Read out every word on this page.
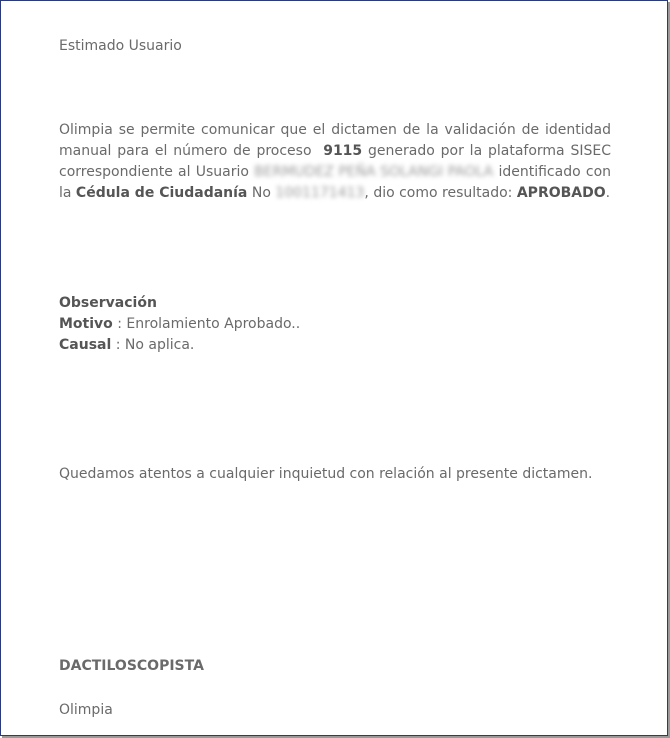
Estimado Usuario

Olimpia se permite comunicar que el dictamen de la validación de identidad manual para el número de proceso 9115 generado por la plataforma SISEC correspondiente al Usuario BERMUDEZ PEÑA SOLANGI PAOLA identificado con la Cédula de Ciudadanía No 1001171413, dio como resultado: APROBADO.

Observación
Motivo : Enrolamiento Aprobado..
Causal : No aplica.

Quedamos atentos a cualquier inquietud con relación al presente dictamen.

DACTILOSCOPISTA

Olimpia
